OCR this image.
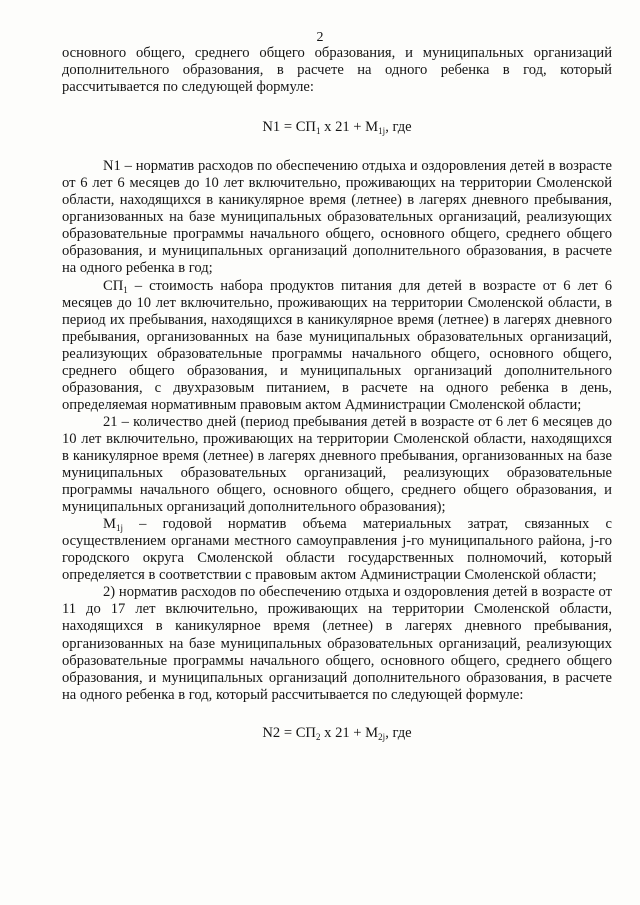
2

основного общего, среднего общего образования, и муниципальных организаций дополнительного образования, в расчете на одного ребенка в год, который рассчитывается по следующей формуле:

$N1 = СП_1$ x $21 + M_{1j}$, где

N1 – норматив расходов по обеспечению отдыха и оздоровления детей в возрасте от 6 лет 6 месяцев до 10 лет включительно, проживающих на территории Смоленской области, находящихся в каникулярное время (летнее) в лагерях дневного пребывания, организованных на базе муниципальных образовательных организаций, реализующих образовательные программы начального общего, основного общего, среднего общего образования, и муниципальных организаций дополнительного образования, в расчете на одного ребенка в год;

$СП_1$ – стоимость набора продуктов питания для детей в возрасте от 6 лет 6 месяцев до 10 лет включительно, проживающих на территории Смоленской области, в период их пребывания, находящихся в каникулярное время (летнее) в лагерях дневного пребывания, организованных на базе муниципальных образовательных организаций, реализующих образовательные программы начального общего, основного общего, среднего общего образования, и муниципальных организаций дополнительного образования, с двухразовым питанием, в расчете на одного ребенка в день, определяемая нормативным правовым актом Администрации Смоленской области;

21 – количество дней (период пребывания детей в возрасте от 6 лет 6 месяцев до 10 лет включительно, проживающих на территории Смоленской области, находящихся в каникулярное время (летнее) в лагерях дневного пребывания, организованных на базе муниципальных образовательных организаций, реализующих образовательные программы начального общего, основного общего, среднего общего образования, и муниципальных организаций дополнительного образования);

$M_{1j}$ – годовой норматив объема материальных затрат, связанных с осуществлением органами местного самоуправления j-го муниципального района, j-го городского округа Смоленской области государственных полномочий, который определяется в соответствии с правовым актом Администрации Смоленской области;

2) норматив расходов по обеспечению отдыха и оздоровления детей в возрасте от 11 до 17 лет включительно, проживающих на территории Смоленской области, находящихся в каникулярное время (летнее) в лагерях дневного пребывания, организованных на базе муниципальных образовательных организаций, реализующих образовательные программы начального общего, основного общего, среднего общего образования, и муниципальных организаций дополнительного образования, в расчете на одного ребенка в год, который рассчитывается по следующей формуле:

$N2 = СП_2$ x $21 + M_{2j}$, где
